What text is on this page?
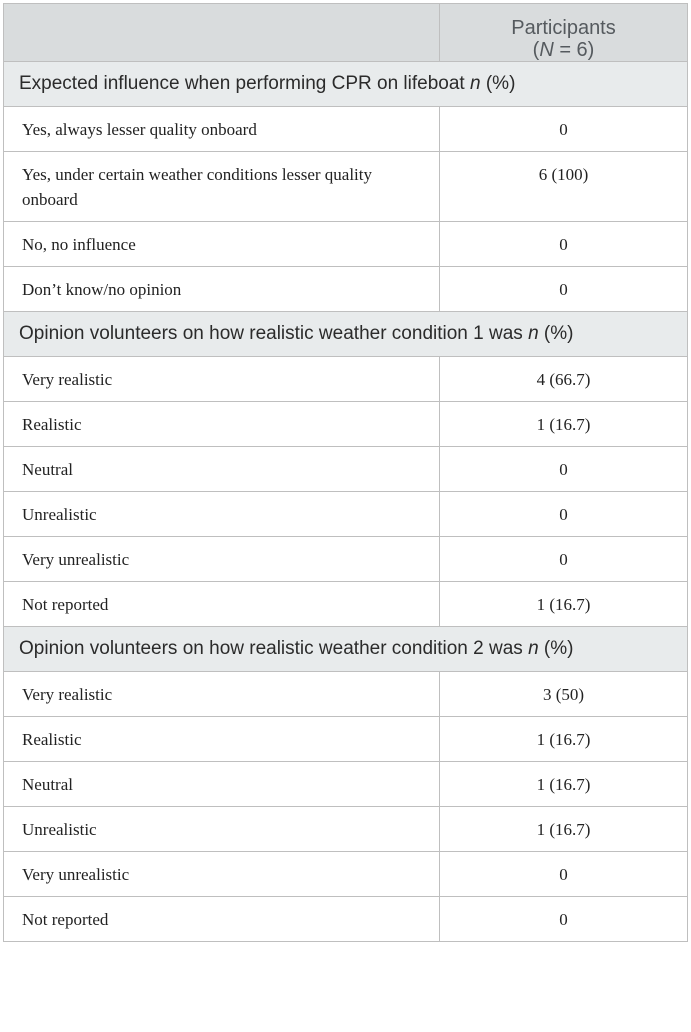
	Participants
(N = 6)
Expected influence when performing CPR on lifeboat n (%)	
Yes, always lesser quality onboard	0
Yes, under certain weather conditions lesser quality onboard	6 (100)
No, no influence	0
Don’t know/no opinion	0
Opinion volunteers on how realistic weather condition 1 was n (%)	
Very realistic	4 (66.7)
Realistic	1 (16.7)
Neutral	0
Unrealistic	0
Very unrealistic	0
Not reported	1 (16.7)
Opinion volunteers on how realistic weather condition 2 was n (%)	
Very realistic	3 (50)
Realistic	1 (16.7)
Neutral	1 (16.7)
Unrealistic	1 (16.7)
Very unrealistic	0
Not reported	0
